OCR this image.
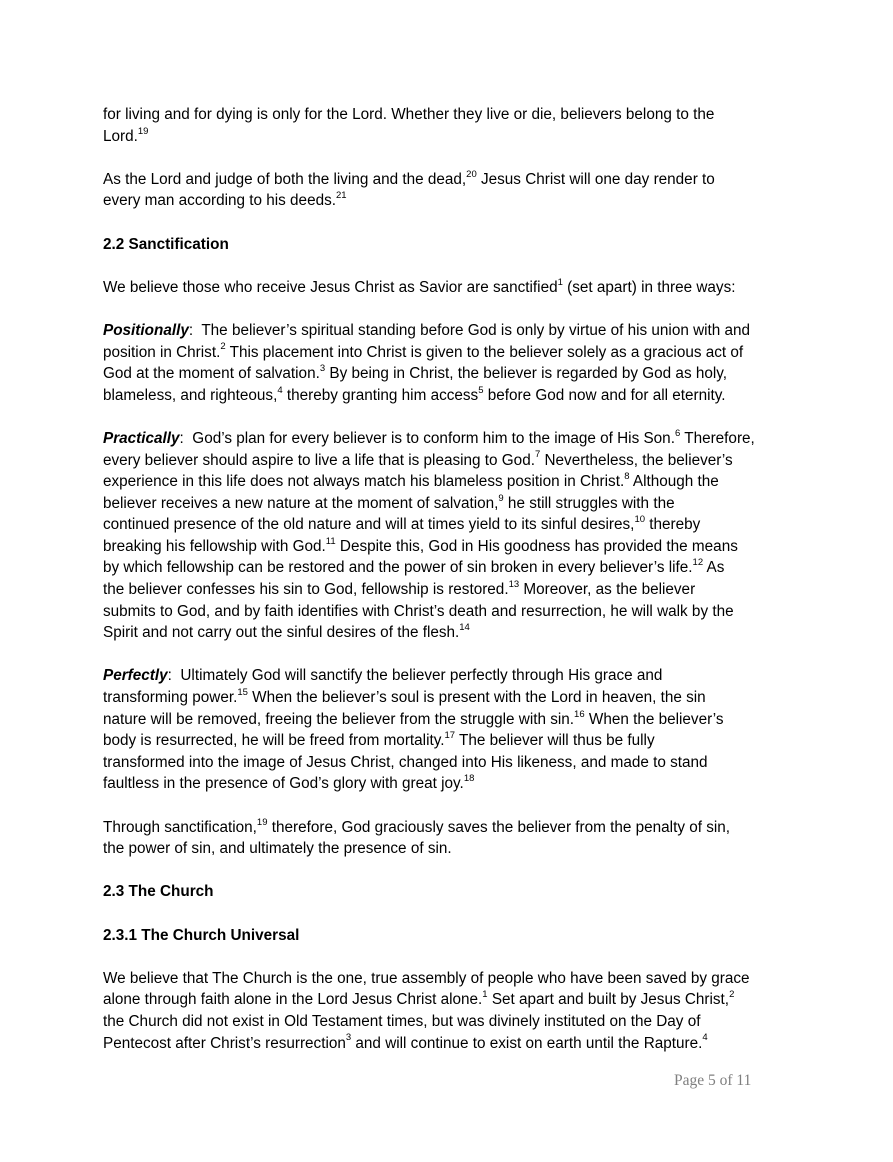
for living and for dying is only for the Lord. Whether they live or die, believers belong to the
Lord.$^{19}$

As the Lord and judge of both the living and the dead,$^{20}$ Jesus Christ will one day render to
every man according to his deeds.$^{21}$

2.2 Sanctification

We believe those who receive Jesus Christ as Savior are sanctified$^1$ (set apart) in three ways:

Positionally:  The believer’s spiritual standing before God is only by virtue of his union with and
position in Christ.$^2$ This placement into Christ is given to the believer solely as a gracious act of
God at the moment of salvation.$^3$ By being in Christ, the believer is regarded by God as holy,
blameless, and righteous,$^4$ thereby granting him access$^5$ before God now and for all eternity.

Practically:  God’s plan for every believer is to conform him to the image of His Son.$^6$ Therefore,
every believer should aspire to live a life that is pleasing to God.$^7$ Nevertheless, the believer’s
experience in this life does not always match his blameless position in Christ.$^8$ Although the
believer receives a new nature at the moment of salvation,$^9$ he still struggles with the
continued presence of the old nature and will at times yield to its sinful desires,$^{10}$ thereby
breaking his fellowship with God.$^{11}$ Despite this, God in His goodness has provided the means
by which fellowship can be restored and the power of sin broken in every believer’s life.$^{12}$ As
the believer confesses his sin to God, fellowship is restored.$^{13}$ Moreover, as the believer
submits to God, and by faith identifies with Christ’s death and resurrection, he will walk by the
Spirit and not carry out the sinful desires of the flesh.$^{14}$

Perfectly:  Ultimately God will sanctify the believer perfectly through His grace and
transforming power.$^{15}$ When the believer’s soul is present with the Lord in heaven, the sin
nature will be removed, freeing the believer from the struggle with sin.$^{16}$ When the believer’s
body is resurrected, he will be freed from mortality.$^{17}$ The believer will thus be fully
transformed into the image of Jesus Christ, changed into His likeness, and made to stand
faultless in the presence of God’s glory with great joy.$^{18}$

Through sanctification,$^{19}$ therefore, God graciously saves the believer from the penalty of sin,
the power of sin, and ultimately the presence of sin.

2.3 The Church

2.3.1 The Church Universal

We believe that The Church is the one, true assembly of people who have been saved by grace
alone through faith alone in the Lord Jesus Christ alone.$^1$ Set apart and built by Jesus Christ,$^2$
the Church did not exist in Old Testament times, but was divinely instituted on the Day of
Pentecost after Christ’s resurrection$^3$ and will continue to exist on earth until the Rapture.$^4$

Page 5 of 11
